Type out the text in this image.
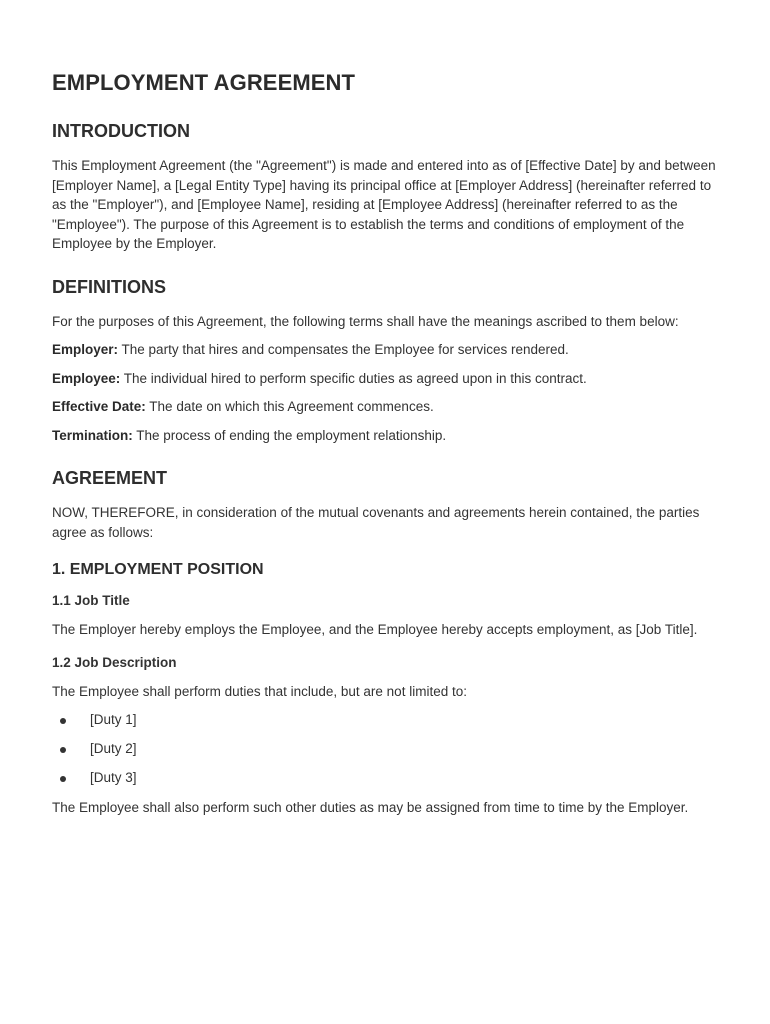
EMPLOYMENT AGREEMENT
INTRODUCTION

This Employment Agreement (the "Agreement") is made and entered into as of [Effective Date] by and between [Employer Name], a [Legal Entity Type] having its principal office at [Employer Address] (hereinafter referred to as the "Employer"), and [Employee Name], residing at [Employee Address] (hereinafter referred to as the "Employee"). The purpose of this Agreement is to establish the terms and conditions of employment of the Employee by the Employer.

DEFINITIONS

For the purposes of this Agreement, the following terms shall have the meanings ascribed to them below:

Employer: The party that hires and compensates the Employee for services rendered.

Employee: The individual hired to perform specific duties as agreed upon in this contract.

Effective Date: The date on which this Agreement commences.

Termination: The process of ending the employment relationship.

AGREEMENT

NOW, THEREFORE, in consideration of the mutual covenants and agreements herein contained, the parties agree as follows:

1. EMPLOYMENT POSITION
1.1 Job Title

The Employer hereby employs the Employee, and the Employee hereby accepts employment, as [Job Title].

1.2 Job Description

The Employee shall perform duties that include, but are not limited to:

[Duty 1]
[Duty 2]
[Duty 3]

The Employee shall also perform such other duties as may be assigned from time to time by the Employer.
